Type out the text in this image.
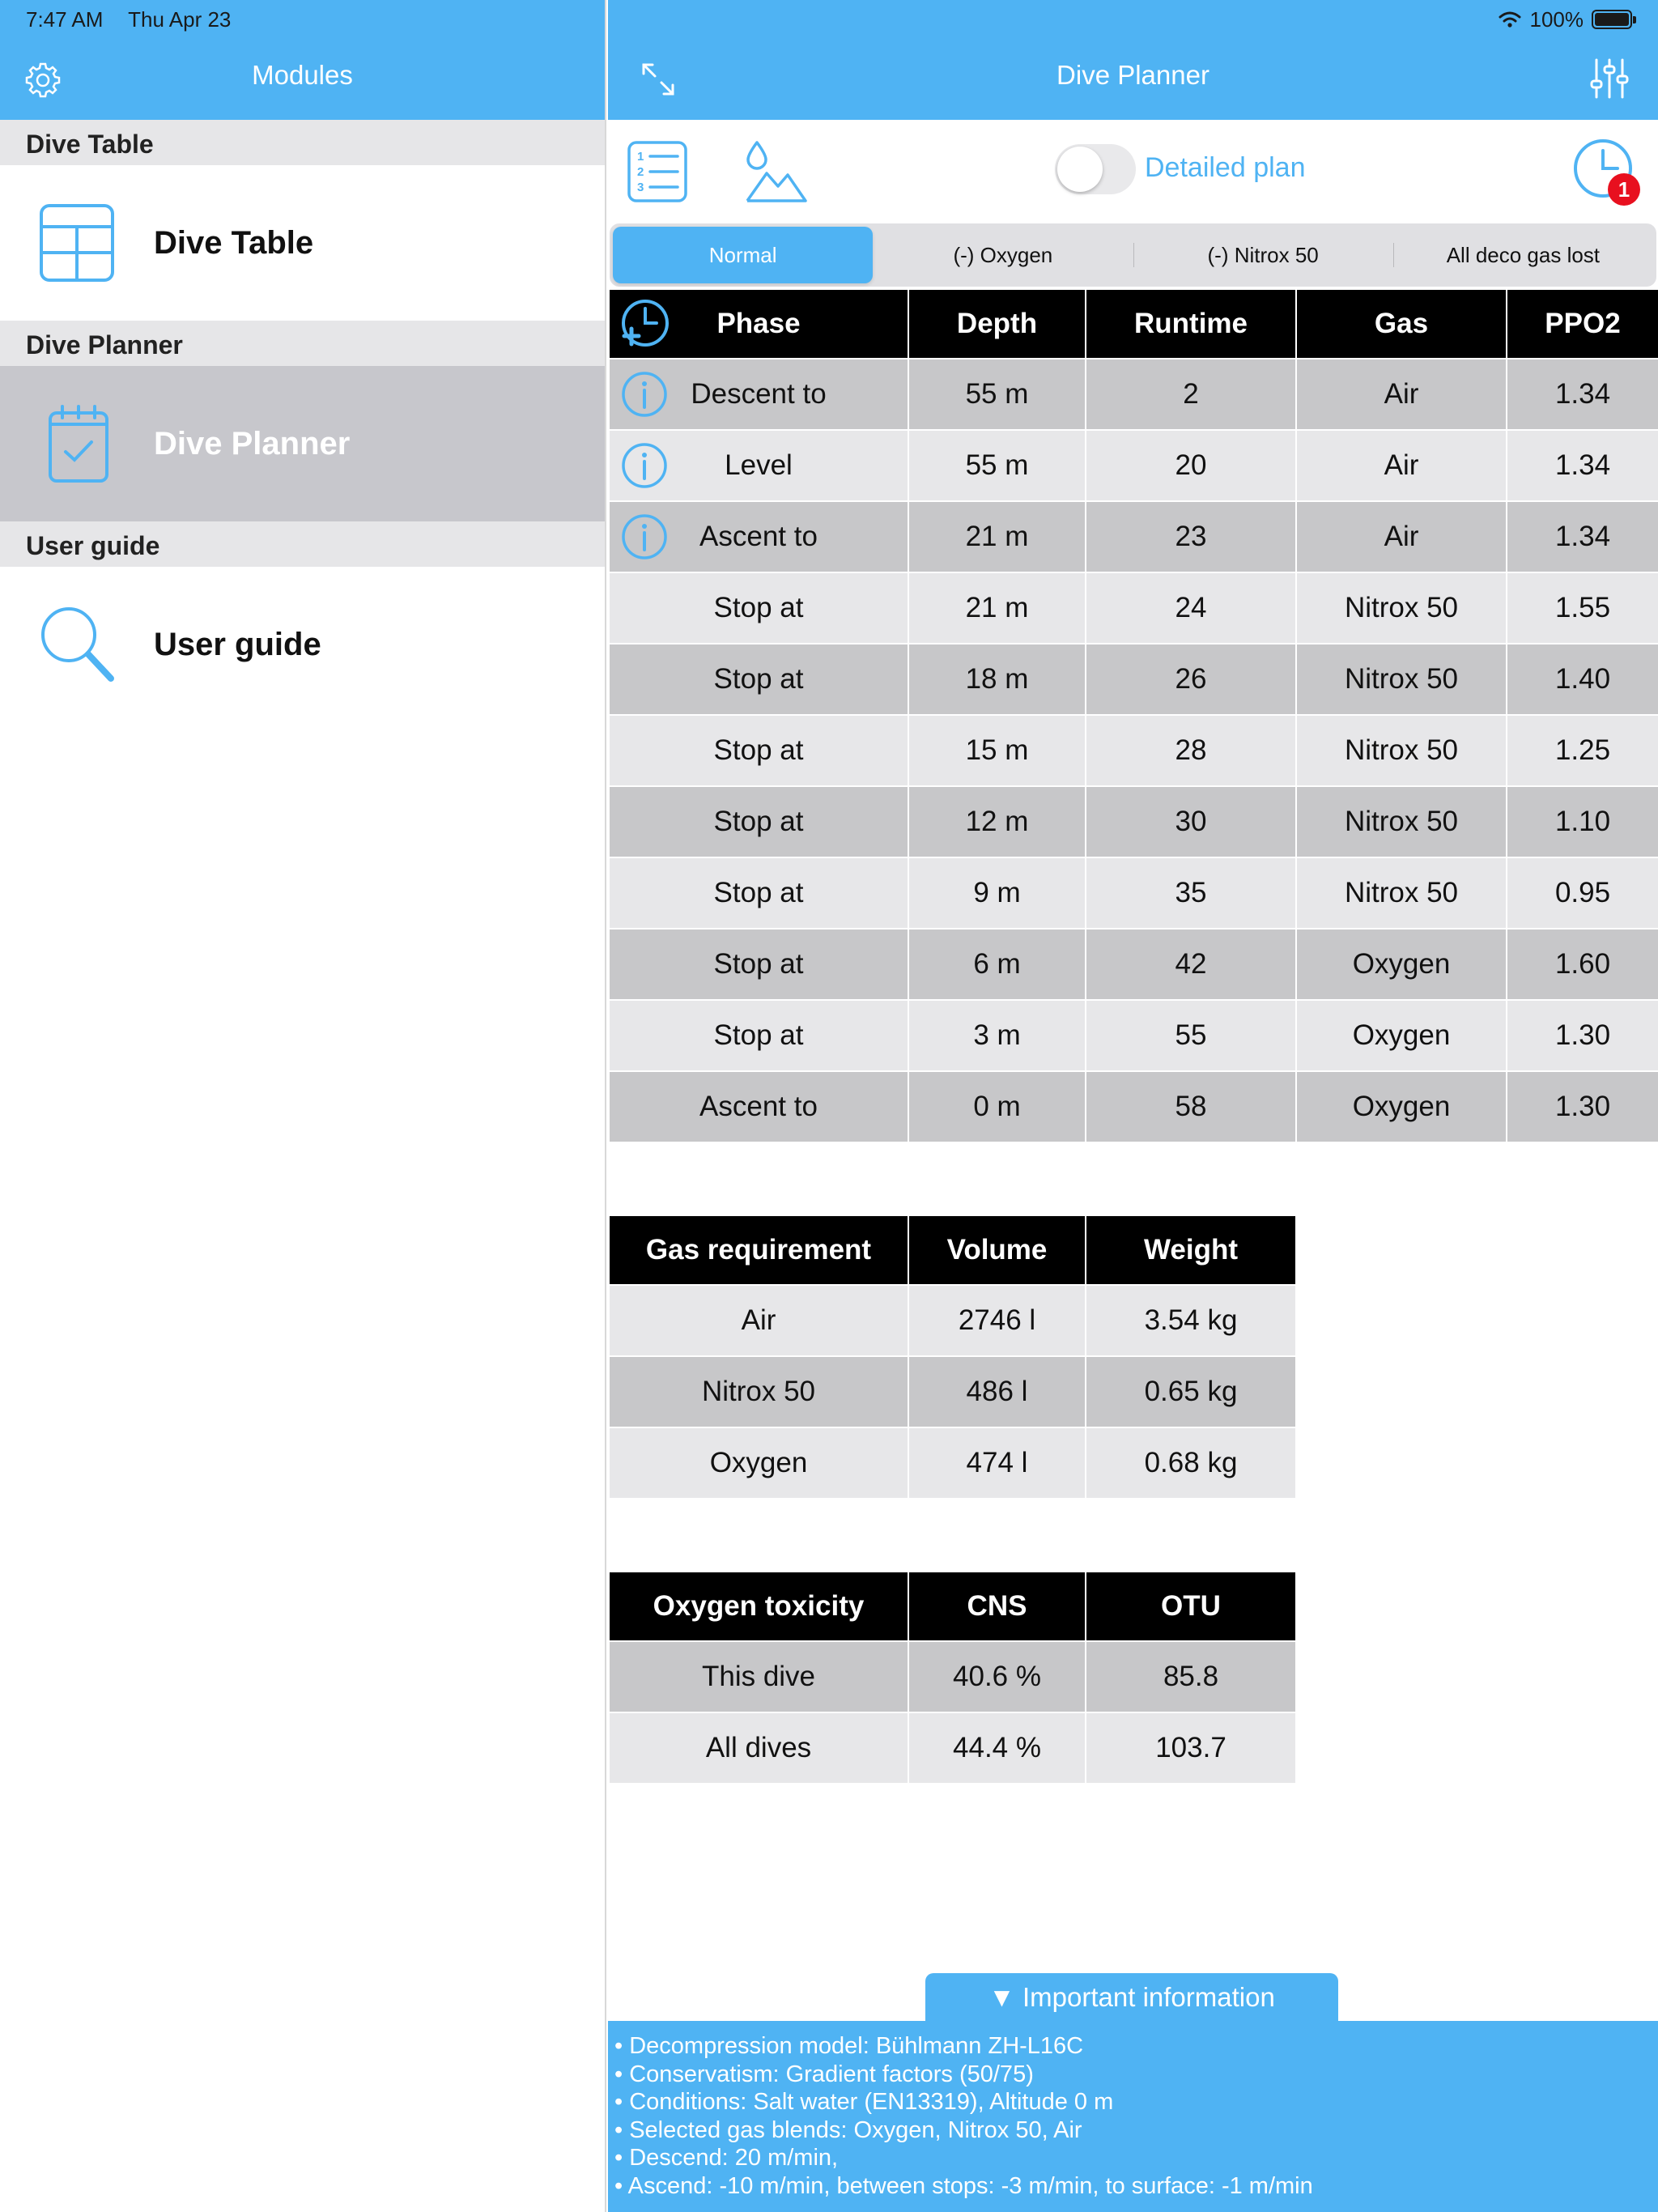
Modules
Dive Table
Dive Table
Dive Planner
Dive Planner
User guide
User guide
Dive Planner
1
2
3
Detailed plan
1
Normal	(-) Oxygen	(-) Nitrox 50	All deco gas lost
Phase	Depth	Runtime	Gas	PPO2

Descent to	55 m	2	Air	1.34

Level	55 m	20	Air	1.34

Ascent to	21 m	23	Air	1.34
Stop at	21 m	24	Nitrox 50	1.55
Stop at	18 m	26	Nitrox 50	1.40
Stop at	15 m	28	Nitrox 50	1.25
Stop at	12 m	30	Nitrox 50	1.10
Stop at	9 m	35	Nitrox 50	0.95
Stop at	6 m	42	Oxygen	1.60
Stop at	3 m	55	Oxygen	1.30
Ascent to	0 m	58	Oxygen	1.30
Gas requirement	Volume	Weight
Air	2746 l	3.54 kg
Nitrox 50	486 l	0.65 kg
Oxygen	474 l	0.68 kg
Oxygen toxicity	CNS	OTU
This dive	40.6 %	85.8
All dives	44.4 %	103.7
▼ Important information
• Decompression model: Bühlmann ZH-L16C
• Conservatism: Gradient factors (50/75)
• Conditions: Salt water (EN13319), Altitude 0 m
• Selected gas blends: Oxygen, Nitrox 50, Air
• Descend: 20 m/min,
• Ascend: -10 m/min, between stops: -3 m/min, to surface: -1 m/min
7:47 AM Thu Apr 23	100%
